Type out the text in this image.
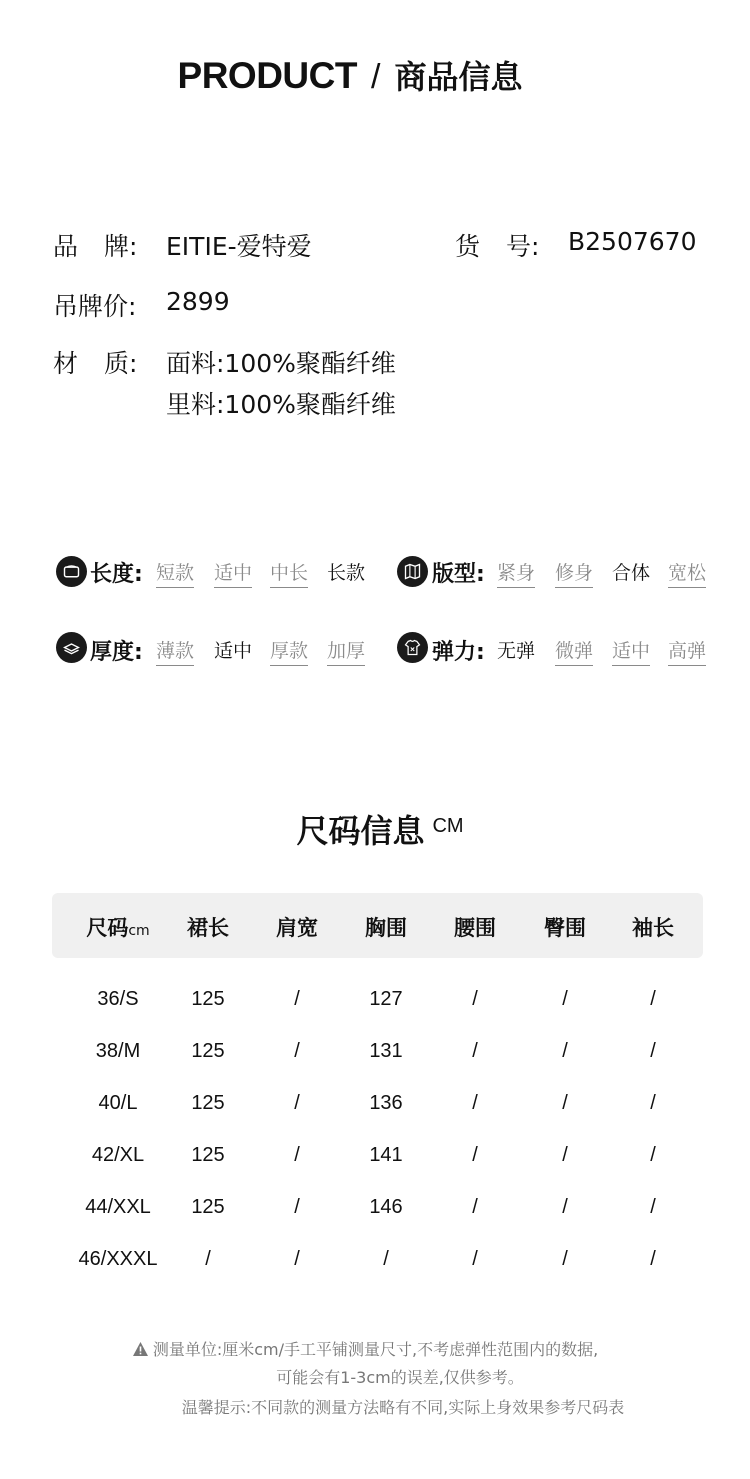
PRODUCT / 商品信息
品 牌: EITIE-爱特爱	货 号: B2507670
吊牌价: 2899
材 质: 面料:100%聚酯纤维
里料:100%聚酯纤维
长度: 短款 适中 中长 长款	版型: 紧身 修身 合体 宽松
厚度: 薄款 适中 厚款 加厚	弹力: 无弹 微弹 适中 高弹
尺码信息 CM
尺码cm 裙长 肩宽 胸围 腰围 臀围 袖长
36/S	125	/	127	/	/	/
38/M	125	/	131	/	/	/
40/L	125	/	136	/	/	/
42/XL 125	/	141	/	/	/
44/XXL 125	/	146	/	/	/
46/XXXL /	/	/	/	/	/
测量单位:厘米cm/手工平铺测量尺寸,不考虑弹性范围内的数据,
可能会有1-3cm的误差,仅供参考。
温馨提示:不同款的测量方法略有不同,实际上身效果参考尺码表
